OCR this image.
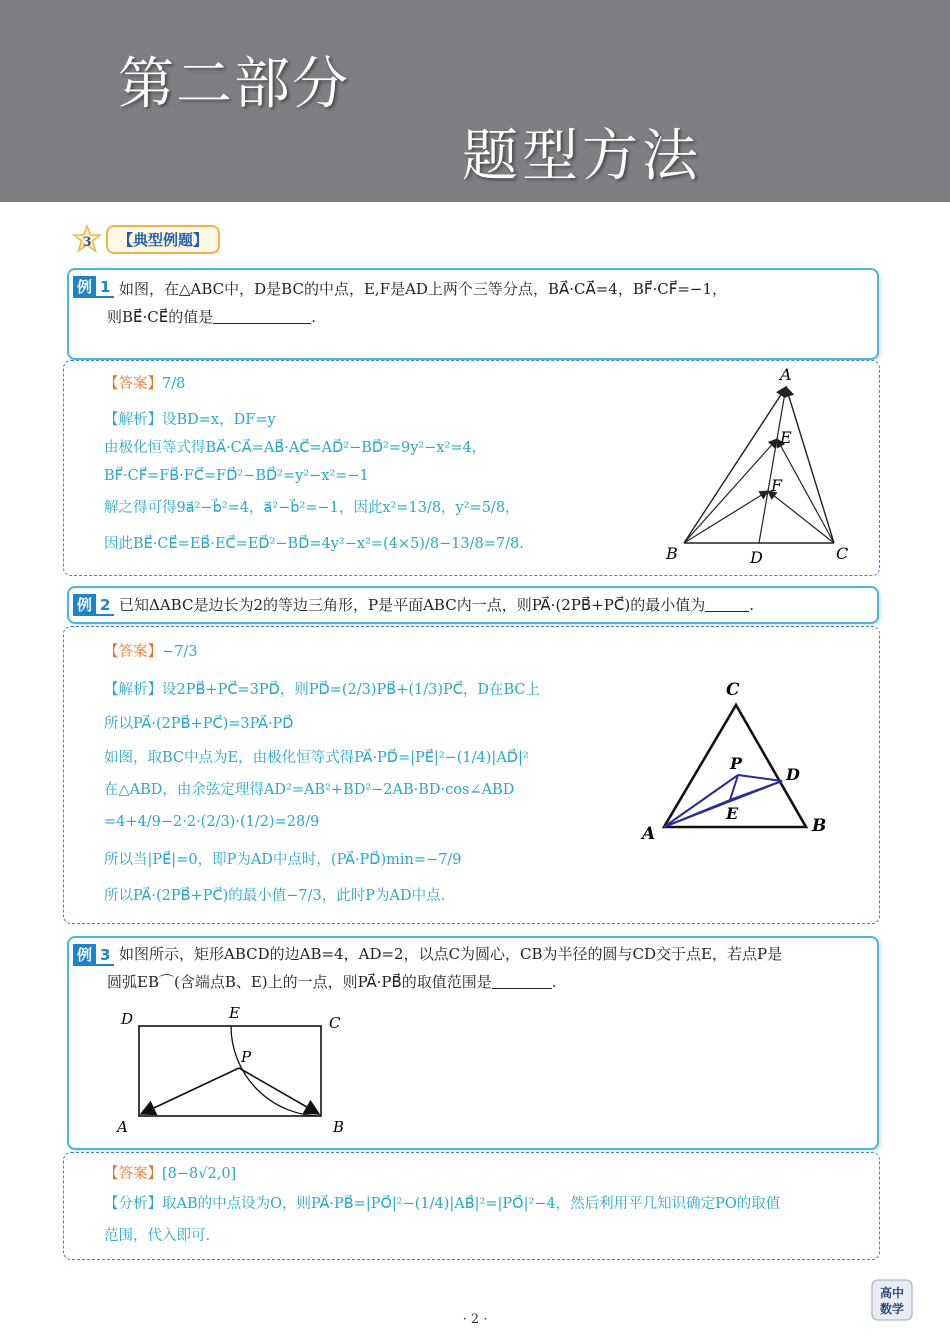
第二部分
题型方法
3	【典型例题】
例 1 如图，在△ABC中，D是BC的中点，E,F是AD上两个三等分点，BA⃗·CA⃗=4，BF⃗·CF⃗=−1，
则BE⃗·CE⃗的值是	.
【答案】7/8
【解析】设BD=x，DF=y
由极化恒等式得BA⃗·CA⃗=AB⃗·AC⃗=AD⃗²−BD⃗²=9y²−x²=4，
BF⃗·CF⃗=FB⃗·FC⃗=FD⃗²−BD⃗²=y²−x²=−1
解之得可得9a⃗²−b⃗²=4，a⃗²−b⃗²=−1，因此x²=13/8，y²=5/8，
因此BE⃗·CE⃗=EB⃗·EC⃗=ED⃗²−BD⃗=4y²−x²=(4×5)/8−13/8=7/8.
A
E
F
B	D	C
例 2 已知ΔABC是边长为2的等边三角形，P是平面ABC内一点，则PA⃗·(2PB⃗+PC⃗)的最小值为	.
【答案】−7/3
【解析】设2PB⃗+PC⃗=3PD⃗，则PD⃗=(2/3)PB⃗+(1/3)PC⃗，D在BC上
所以PA⃗·(2PB⃗+PC⃗)=3PA⃗·PD⃗
如图，取BC中点为E，由极化恒等式得PA⃗·PD⃗=|PE⃗|²−(1/4)|AD⃗|²
在△ABD，由余弦定理得AD²=AB²+BD²−2AB·BD·cos∠ABD
=4+4/9−2·2·(2/3)·(1/2)=28/9
所以当|PE⃗|=0，即P为AD中点时，(PA⃗·PD⃗)min=−7/9
所以PA⃗·(2PB⃗+PC⃗)的最小值−7/3，此时P为AD中点.
C
P
D
E
A	B
例 3 如图所示，矩形ABCD的边AB=4，AD=2，以点C为圆心，CB为半径的圆与CD交于点E，若点P是
圆弧EB⌒(含端点B、E)上的一点，则PA⃗·PB⃗的取值范围是	.
D	E
C
P
A	B
【答案】[8−8√2,0]
【分析】取AB的中点设为O，则PA⃗·PB⃗=|PO⃗|²−(1/4)|AB⃗|²=|PO⃗|²−4，然后利用平几知识确定PO的取值
范围，代入即可.
· 2 ·
高中
数学
